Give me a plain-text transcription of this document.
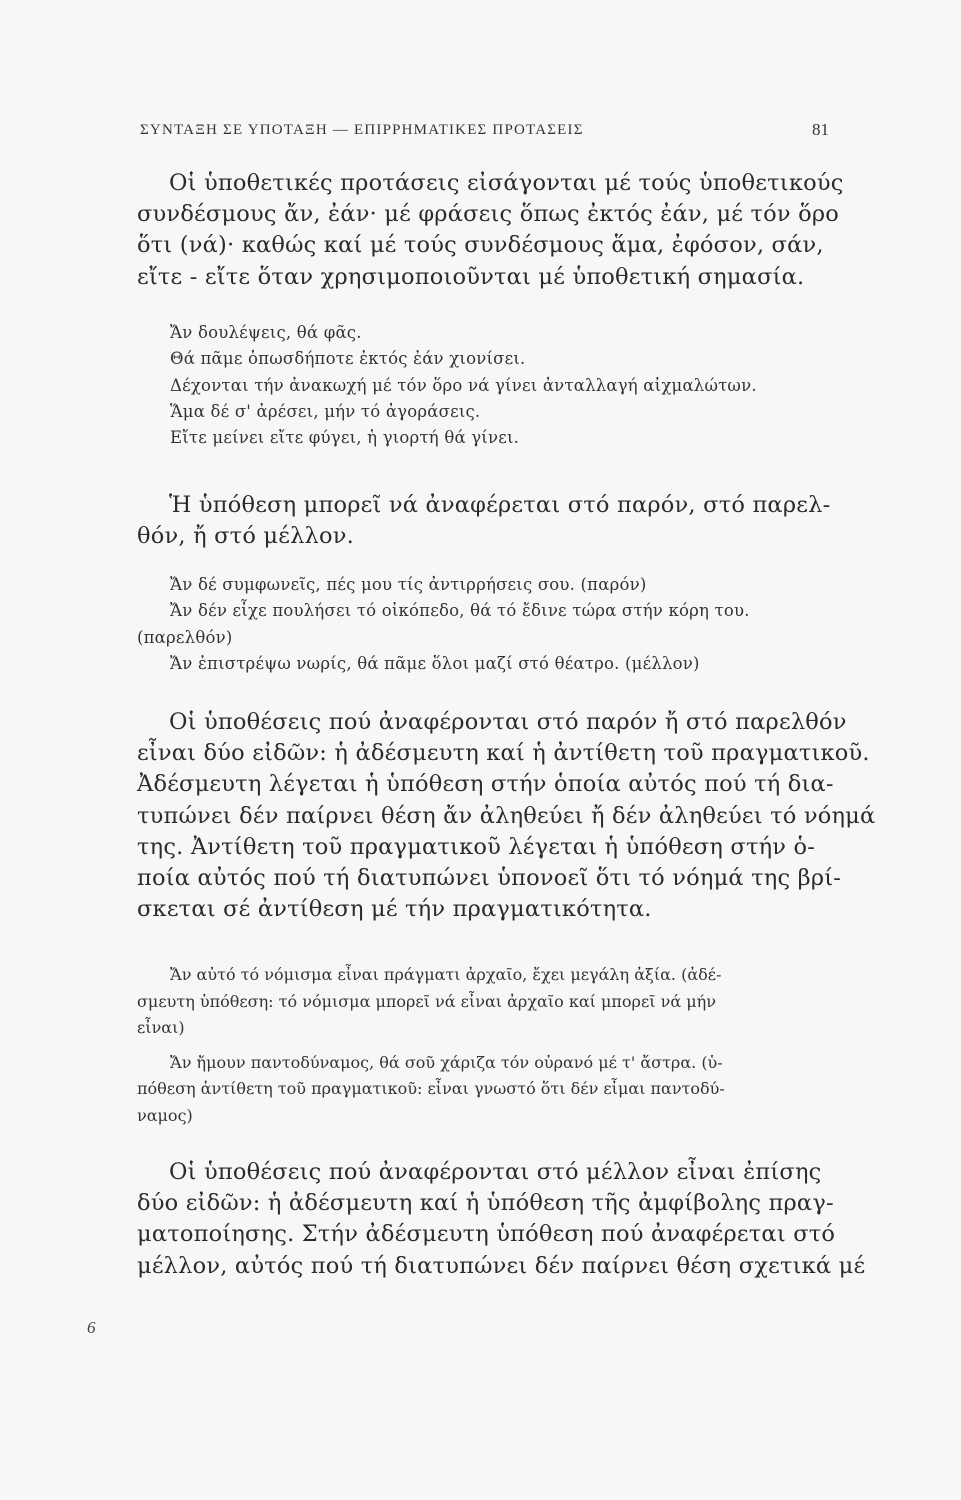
ΣΥΝΤΑΞΗ ΣΕ ΥΠΟΤΑΞΗ — ΕΠΙΡΡΗΜΑΤΙΚΕΣ ΠΡΟΤΑΣΕΙΣ	81
Οἱ ὑποθετικές προτάσεις εἰσάγονται μέ τούς ὑποθετικούς
συνδέσμους ἄν, ἐάν· μέ φράσεις ὅπως ἐκτός ἐάν, μέ τόν ὅρο
ὅτι (νά)· καθώς καί μέ τούς συνδέσμους ἅμα, ἐφόσον, σάν,
εἴτε - εἴτε ὅταν χρησιμοποιοῦνται μέ ὑποθετική σημασία.
Ἄν δουλέψεις, θά φᾶς.
Θά πᾶμε ὁπωσδήποτε ἐκτός ἐάν χιονίσει.
Δέχονται τήν ἀνακωχή μέ τόν ὅρο νά γίνει ἀνταλλαγή αἰχμαλώτων.
Ἅμα δέ σ' ἀρέσει, μήν τό ἀγοράσεις.
Εἴτε μείνει εἴτε φύγει, ἡ γιορτή θά γίνει.
Ἡ ὑπόθεση μπορεῖ νά ἀναφέρεται στό παρόν, στό παρελ-
θόν, ἤ στό μέλλον.
Ἄν δέ συμφωνεῖς, πές μου τίς ἀντιρρήσεις σου. (παρόν)
Ἄν δέν εἶχε πουλήσει τό οἰκόπεδο, θά τό ἔδινε τώρα στήν κόρη του.
(παρελθόν)
Ἄν ἐπιστρέψω νωρίς, θά πᾶμε ὅλοι μαζί στό θέατρο. (μέλλον)
Οἱ ὑποθέσεις πού ἀναφέρονται στό παρόν ἤ στό παρελθόν
εἶναι δύο εἰδῶν: ἡ ἀδέσμευτη καί ἡ ἀντίθετη τοῦ πραγματικοῦ.
Ἀδέσμευτη λέγεται ἡ ὑπόθεση στήν ὁποία αὐτός πού τή δια-
τυπώνει δέν παίρνει θέση ἄν ἀληθεύει ἤ δέν ἀληθεύει τό νόημά
της. Ἀντίθετη τοῦ πραγματικοῦ λέγεται ἡ ὑπόθεση στήν ὁ-
ποία αὐτός πού τή διατυπώνει ὑπονοεῖ ὅτι τό νόημά της βρί-
σκεται σέ ἀντίθεση μέ τήν πραγματικότητα.
Ἄν αὐτό τό νόμισμα εἶναι πράγματι ἀρχαῖο, ἔχει μεγάλη ἀξία. (ἀδέ-
σμευτη ὑπόθεση: τό νόμισμα μπορεῖ νά εἶναι ἀρχαῖο καί μπορεῖ νά μήν
εἶναι)
Ἄν ἤμουν παντοδύναμος, θά σοῦ χάριζα τόν οὐρανό μέ τ' ἄστρα. (ὑ-
πόθεση ἀντίθετη τοῦ πραγματικοῦ: εἶναι γνωστό ὅτι δέν εἶμαι παντοδύ-
ναμος)
Οἱ ὑποθέσεις πού ἀναφέρονται στό μέλλον εἶναι ἐπίσης
δύο εἰδῶν: ἡ ἀδέσμευτη καί ἡ ὑπόθεση τῆς ἀμφίβολης πραγ-
ματοποίησης. Στήν ἀδέσμευτη ὑπόθεση πού ἀναφέρεται στό
μέλλον, αὐτός πού τή διατυπώνει δέν παίρνει θέση σχετικά μέ
6
